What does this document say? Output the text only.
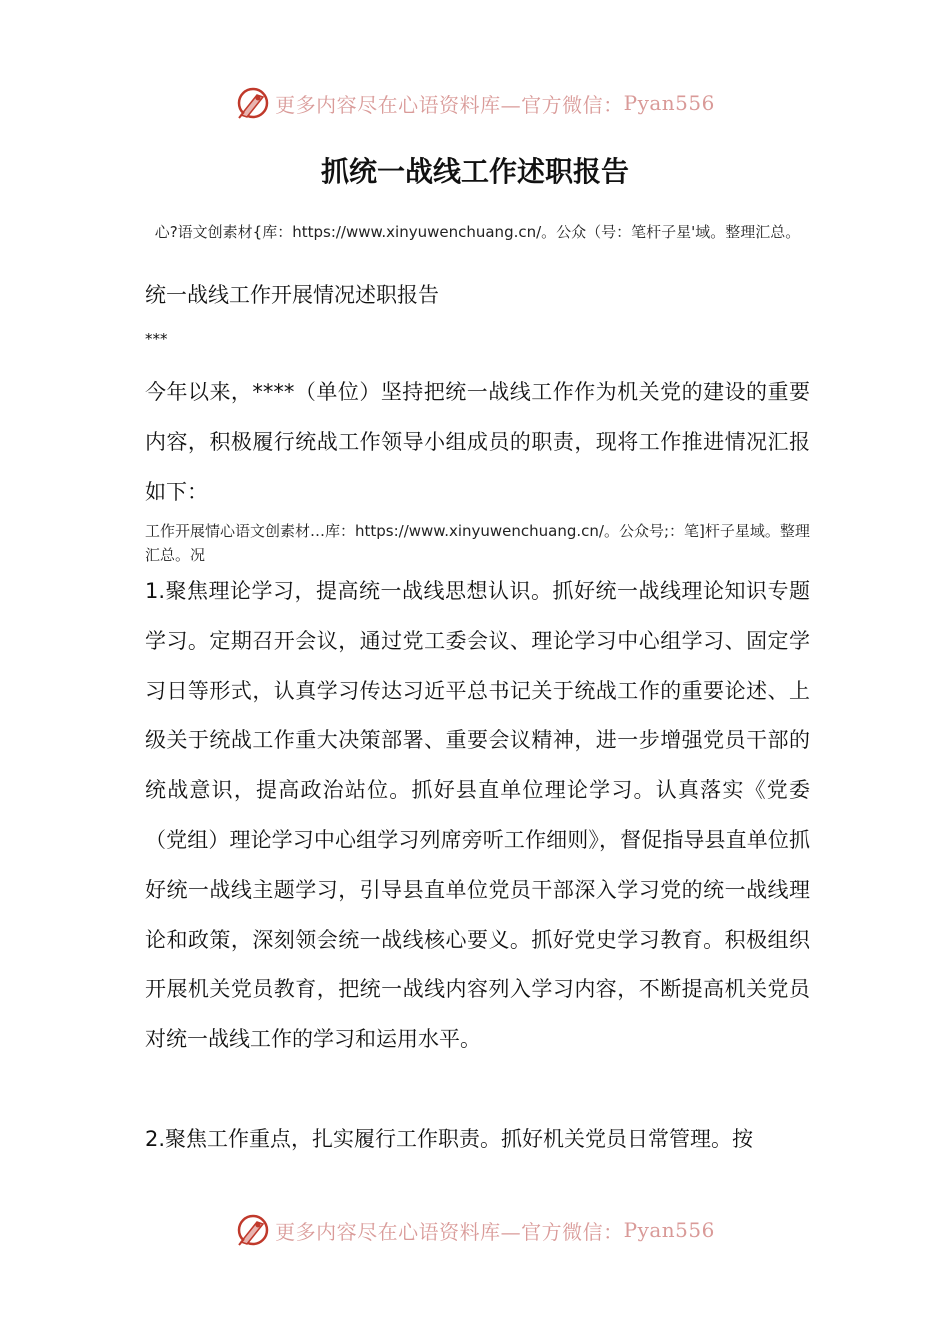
更多内容尽在心语资料库—官方微信： Pyan556
抓统一战线工作述职报告
心?语文创素材{库：https://www.xinyuwenchuang.cn/。公众（号：笔杆子星'域。整理汇总。
统一战线工作开展情况述职报告
***
今年以来，****（单位）坚持把统一战线工作作为机关党的建设的重要内容，积极履行统战工作领导小组成员的职责，现将工作推进情况汇报如下：
工作开展情心语文创素材…库：https://www.xinyuwenchuang.cn/。公众号;：笔]杆子星域。整理汇总。况
1.聚焦理论学习，提高统一战线思想认识。抓好统一战线理论知识专题学习。定期召开会议，通过党工委会议、理论学习中心组学习、固定学习日等形式，认真学习传达习近平总书记关于统战工作的重要论述、上级关于统战工作重大决策部署、重要会议精神，进一步增强党员干部的统战意识，提高政治站位。抓好县直单位理论学习。认真落实《党委（党组）理论学习中心组学习列席旁听工作细则》，督促指导县直单位抓好统一战线主题学习，引导县直单位党员干部深入学习党的统一战线理论和政策，深刻领会统一战线核心要义。抓好党史学习教育。积极组织开展机关党员教育，把统一战线内容列入学习内容，不断提高机关党员对统一战线工作的学习和运用水平。
2.聚焦工作重点，扎实履行工作职责。抓好机关党员日常管理。按
更多内容尽在心语资料库—官方微信： Pyan556
